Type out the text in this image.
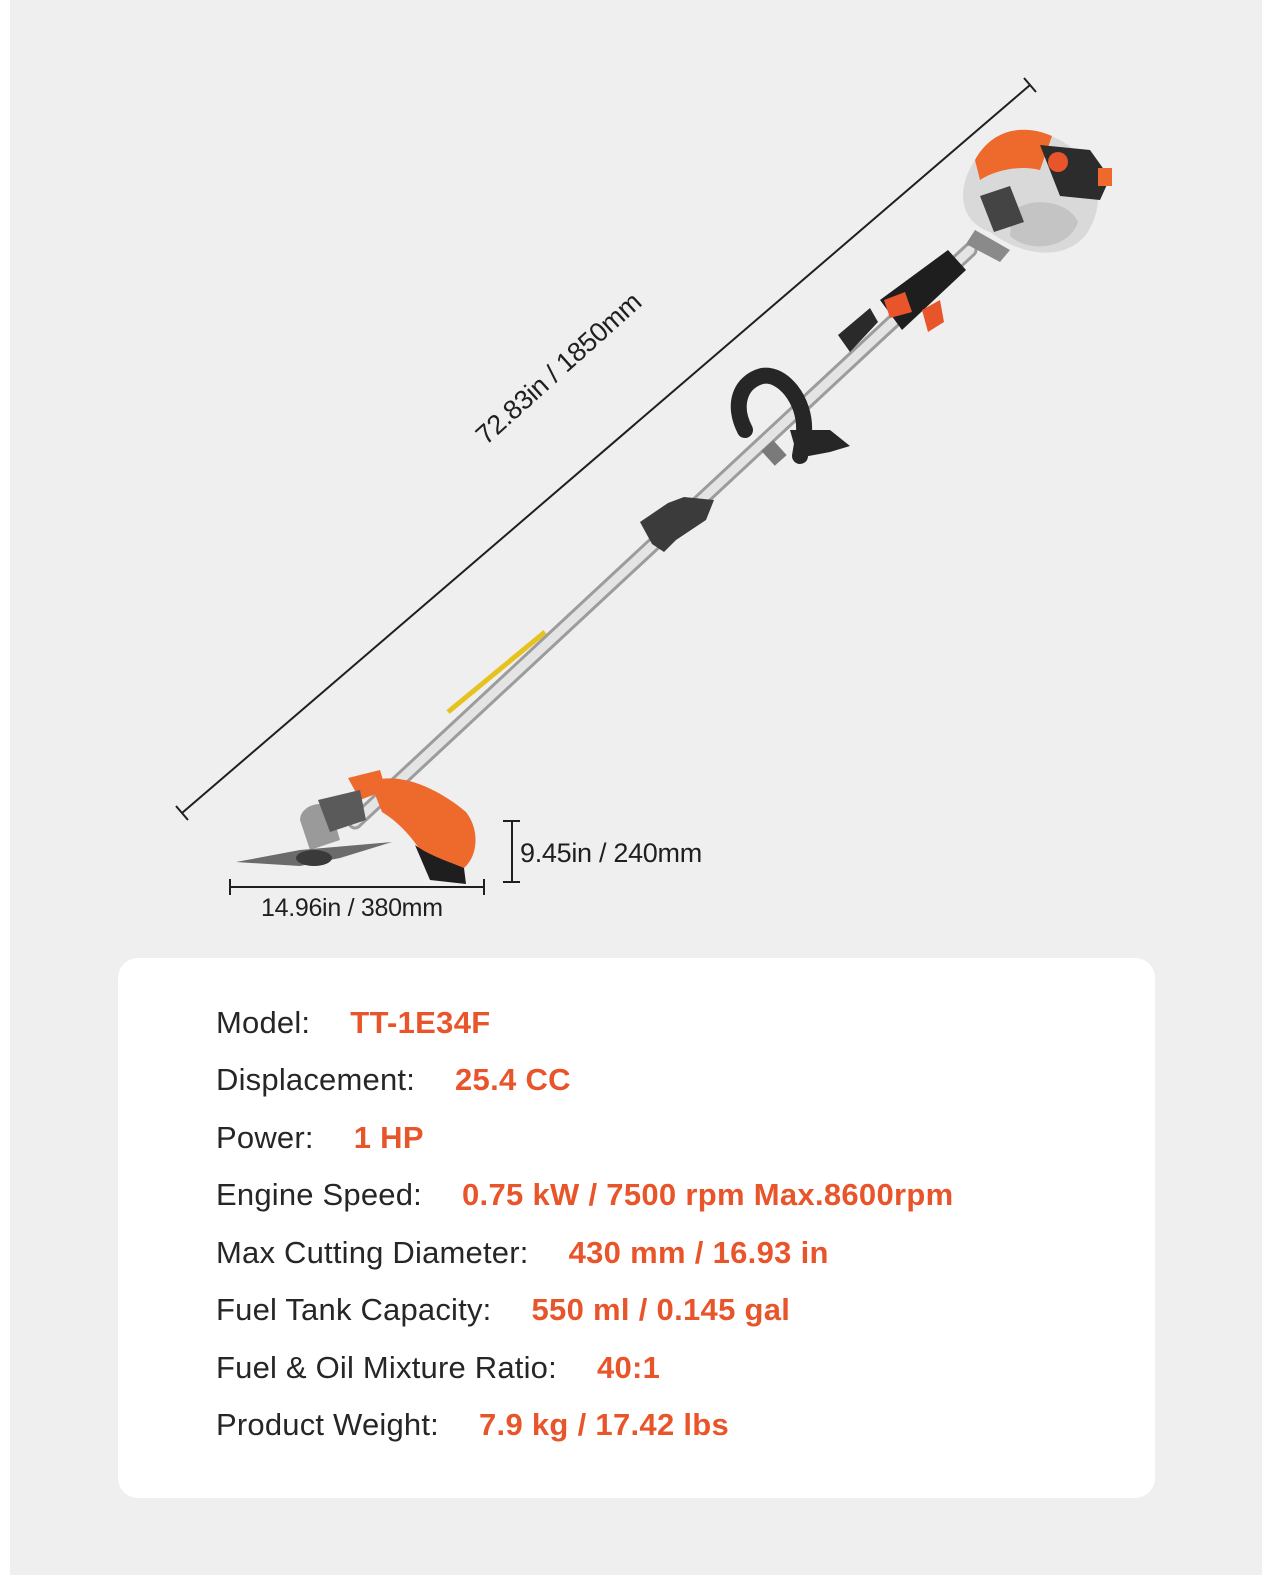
72.83in / 1850mm
9.45in / 240mm
14.96in / 380mm
Model: TT-1E34F
Displacement: 25.4 CC
Power: 1 HP
Engine Speed: 0.75 kW / 7500 rpm Max.8600rpm
Max Cutting Diameter: 430 mm / 16.93 in
Fuel Tank Capacity: 550 ml / 0.145 gal
Fuel & Oil Mixture Ratio: 40:1
Product Weight: 7.9 kg / 17.42 lbs
